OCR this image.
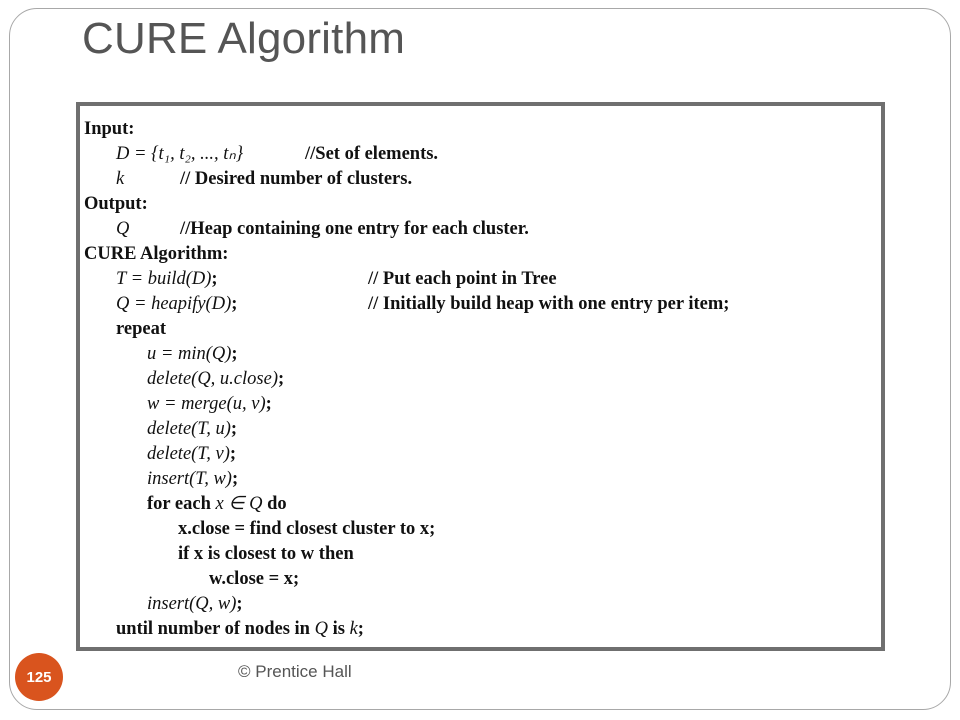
CURE Algorithm
Input:
D = {t₁, t₂, ..., tₙ}	//Set of elements.
k	// Desired number of clusters.
Output:
Q	//Heap containing one entry for each cluster.
CURE Algorithm:
T = build(D);	// Put each point in Tree
Q = heapify(D);	// Initially build heap with one entry per item;
repeat
u = min(Q);
delete(Q, u.close);
w = merge(u, v);
delete(T, u);
delete(T, v);
insert(T, w);
for each x ∈ Q do
x.close = find closest cluster to x;
if x is closest to w then
w.close = x;
insert(Q, w);
until number of nodes in Q is k;
125	© Prentice Hall
